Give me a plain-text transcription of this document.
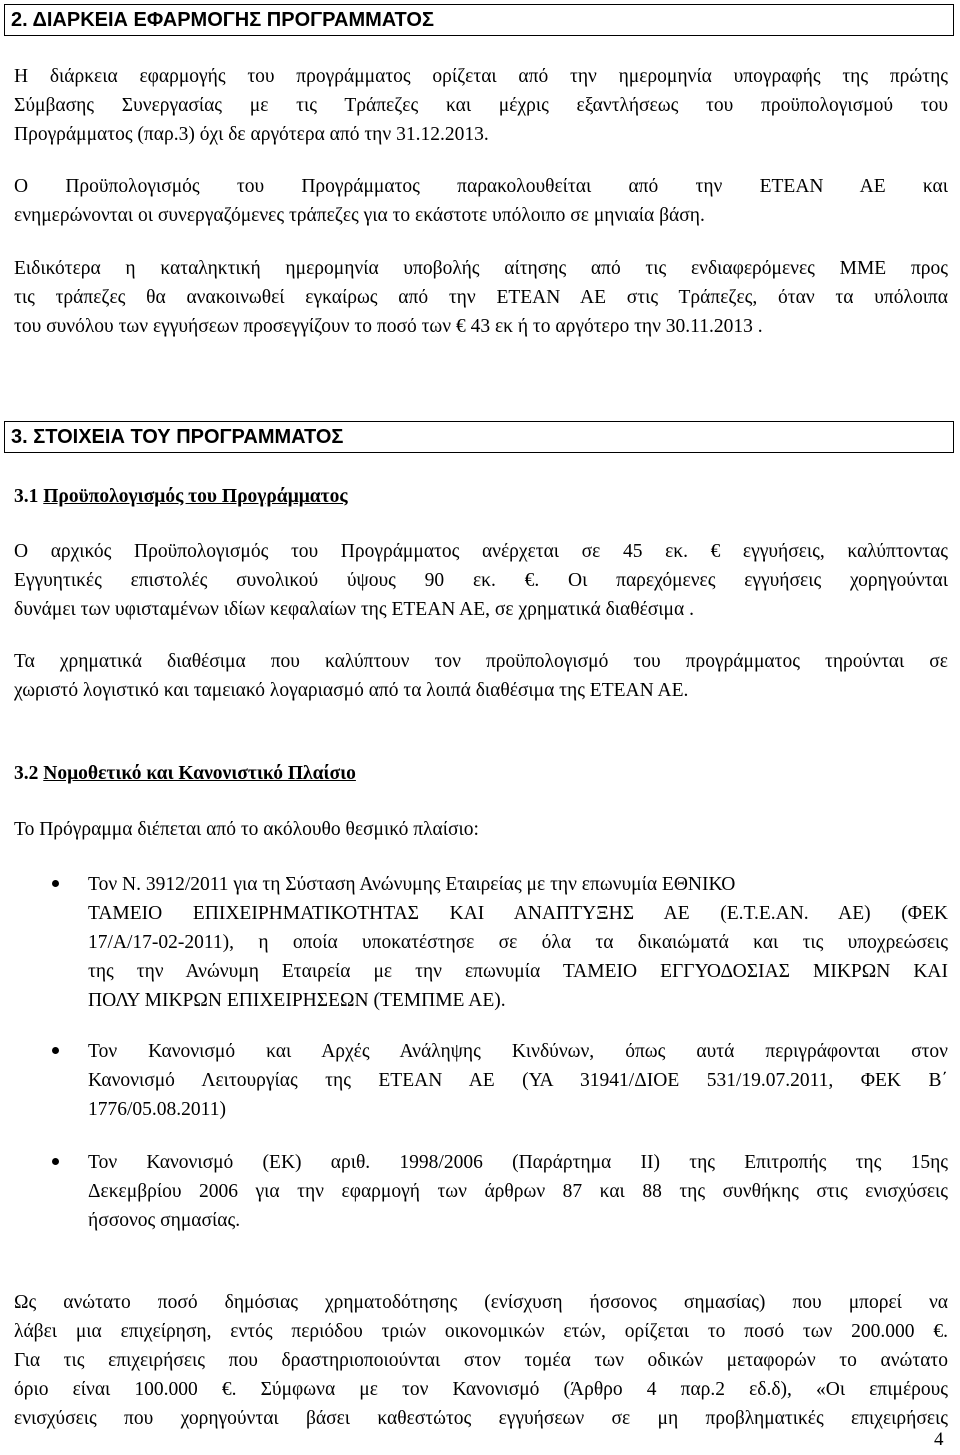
2. ΔΙΑΡΚΕΙΑ ΕΦΑΡΜΟΓΗΣ ΠΡΟΓΡΑΜΜΑΤΟΣ
Η διάρκεια εφαρμογής του προγράμματος ορίζεται από την ημερομηνία υπογραφής της πρώτης
Σύμβασης Συνεργασίας με τις Τράπεζες και μέχρις εξαντλήσεως του προϋπολογισμού του
Προγράμματος (παρ.3) όχι δε αργότερα από την 31.12.2013.
Ο Προϋπολογισμός του Προγράμματος παρακολουθείται από την ΕΤΕΑΝ ΑΕ και
ενημερώνονται οι συνεργαζόμενες τράπεζες για το εκάστοτε υπόλοιπο σε μηνιαία βάση.
Ειδικότερα η καταληκτική ημερομηνία υποβολής αίτησης από τις ενδιαφερόμενες ΜΜΕ προς
τις τράπεζες θα ανακοινωθεί εγκαίρως από την ΕΤΕΑΝ ΑΕ στις Τράπεζες, όταν τα υπόλοιπα
του συνόλου των εγγυήσεων προσεγγίζουν το ποσό των € 43 εκ ή το αργότερο την 30.11.2013 .
3. ΣΤΟΙΧΕΙΑ ΤΟΥ ΠΡΟΓΡΑΜΜΑΤΟΣ
3.1 Προϋπολογισμός του Προγράμματος
Ο αρχικός Προϋπολογισμός του Προγράμματος ανέρχεται σε 45 εκ. € εγγυήσεις, καλύπτοντας
Εγγυητικές επιστολές συνολικού ύψους 90 εκ. €. Οι παρεχόμενες εγγυήσεις χορηγούνται
δυνάμει των υφισταμένων ιδίων κεφαλαίων της ΕΤΕΑΝ ΑΕ, σε χρηματικά διαθέσιμα .
Τα χρηματικά διαθέσιμα που καλύπτουν τον προϋπολογισμό του προγράμματος τηρούνται σε
χωριστό λογιστικό και ταμειακό λογαριασμό από τα λοιπά διαθέσιμα της ΕΤΕΑΝ ΑΕ.
3.2 Νομοθετικό και Κανονιστικό Πλαίσιο
Το Πρόγραμμα διέπεται από το ακόλουθο θεσμικό πλαίσιο:
Τον Ν. 3912/2011 για τη Σύσταση Ανώνυμης Εταιρείας με την επωνυμία ΕΘΝΙΚΟ
ΤΑΜΕΙΟ ΕΠΙΧΕΙΡΗΜΑΤΙΚΟΤΗΤΑΣ ΚΑΙ ΑΝΑΠΤΥΞΗΣ ΑΕ (Ε.Τ.Ε.ΑΝ. ΑΕ) (ΦΕΚ
17/Α/17-02-2011), η οποία υποκατέστησε σε όλα τα δικαιώματά και τις υποχρεώσεις
της την Ανώνυμη Εταιρεία με την επωνυμία ΤΑΜΕΙΟ ΕΓΓΥΟΔΟΣΙΑΣ ΜΙΚΡΩΝ ΚΑΙ
ΠΟΛΥ ΜΙΚΡΩΝ ΕΠΙΧΕΙΡΗΣΕΩΝ (ΤΕΜΠΜΕ ΑΕ).
Τον Κανονισμό και Αρχές Ανάληψης Κινδύνων, όπως αυτά περιγράφονται στον
Κανονισμό Λειτουργίας της ΕΤΕΑΝ ΑΕ (ΥΑ 31941/ΔΙΟΕ 531/19.07.2011, ΦΕΚ Β΄
1776/05.08.2011)
Τον Κανονισμό (ΕΚ) αριθ. 1998/2006 (Παράρτημα ΙΙ) της Επιτροπής της 15ης
Δεκεμβρίου 2006 για την εφαρμογή των άρθρων 87 και 88 της συνθήκης στις ενισχύσεις
ήσσονος σημασίας.
Ως ανώτατο ποσό δημόσιας χρηματοδότησης (ενίσχυση ήσσονος σημασίας) που μπορεί να
λάβει μια επιχείρηση, εντός περιόδου τριών οικονομικών ετών, ορίζεται το ποσό των 200.000 €.
Για τις επιχειρήσεις που δραστηριοποιούνται στον τομέα των οδικών μεταφορών το ανώτατο
όριο είναι 100.000 €. Σύμφωνα με τον Κανονισμό (Άρθρο 4 παρ.2 εδ.δ), «Οι επιμέρους
ενισχύσεις που χορηγούνται βάσει καθεστώτος εγγυήσεων σε μη προβληματικές επιχειρήσεις
4
